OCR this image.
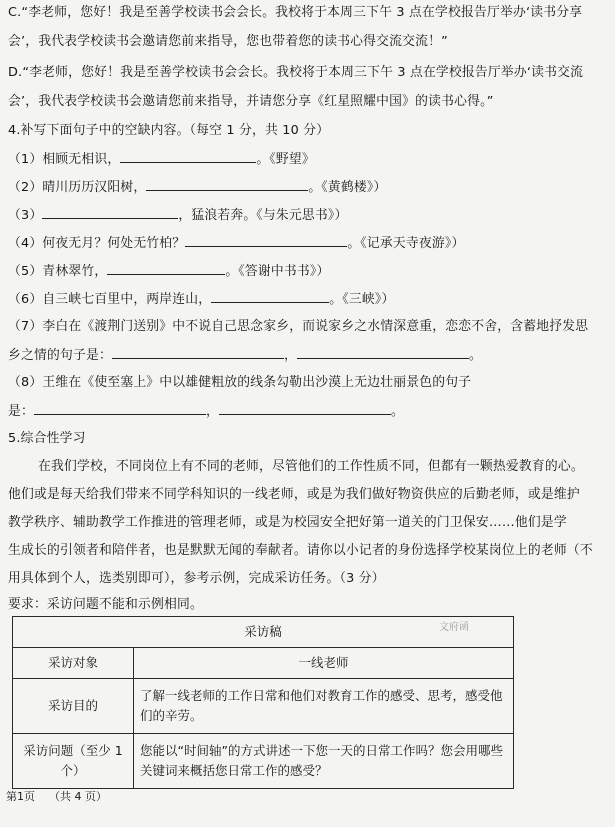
C.“李老师，您好！我是至善学校读书会会长。我校将于本周三下午 3 点在学校报告厅举办‘读书分享
会’，我代表学校读书会邀请您前来指导，您也带着您的读书心得交流交流！”
D.“李老师，您好！我是至善学校读书会会长。我校将于本周三下午 3 点在学校报告厅举办‘读书交流
会’，我代表学校读书会邀请您前来指导，并请您分享《红星照耀中国》的读书心得。”
4.补写下面句子中的空缺内容。（每空 1 分，共 10 分）
（1）相顾无相识，	。《野望》
（2）晴川历历汉阳树，	。《黄鹤楼》）
（3）	，猛浪若奔。《与朱元思书》）
（4）何夜无月？何处无竹柏？	。《记承天寺夜游》）
（5）青林翠竹，	。《答谢中书书》）
（6）自三峡七百里中，两岸连山，	。《三峡》）
（7）李白在《渡荆门送别》中不说自己思念家乡，而说家乡之水情深意重，恋恋不舍，含蓄地抒发思
乡之情的句子是：	，	。
（8）王维在《使至塞上》中以雄健粗放的线条勾勒出沙漠上无边壮丽景色的句子
是：	，	。
5.综合性学习
在我们学校，不同岗位上有不同的老师，尽管他们的工作性质不同，但都有一颗热爱教育的心。
他们或是每天给我们带来不同学科知识的一线老师，或是为我们做好物资供应的后勤老师，或是维护
教学秩序、辅助教学工作推进的管理老师，或是为校园安全把好第一道关的门卫保安……他们是学
生成长的引领者和陪伴者，也是默默无闻的奉献者。请你以小记者的身份选择学校某岗位上的老师（不
用具体到个人，选类别即可），参考示例，完成采访任务。（3 分）
要求：采访问题不能和示例相同。
采访稿 文府函	

采访对象	一线老师
采访目的	了解一线老师的工作日常和他们对教育工作的感受、思考，感受他们的辛劳。
采访问题（至少 1 个）	您能以“时间轴”的方式讲述一下您一天的日常工作吗？您会用哪些关键词来概括您日常工作的感受？
第1页 （共 4 页）
